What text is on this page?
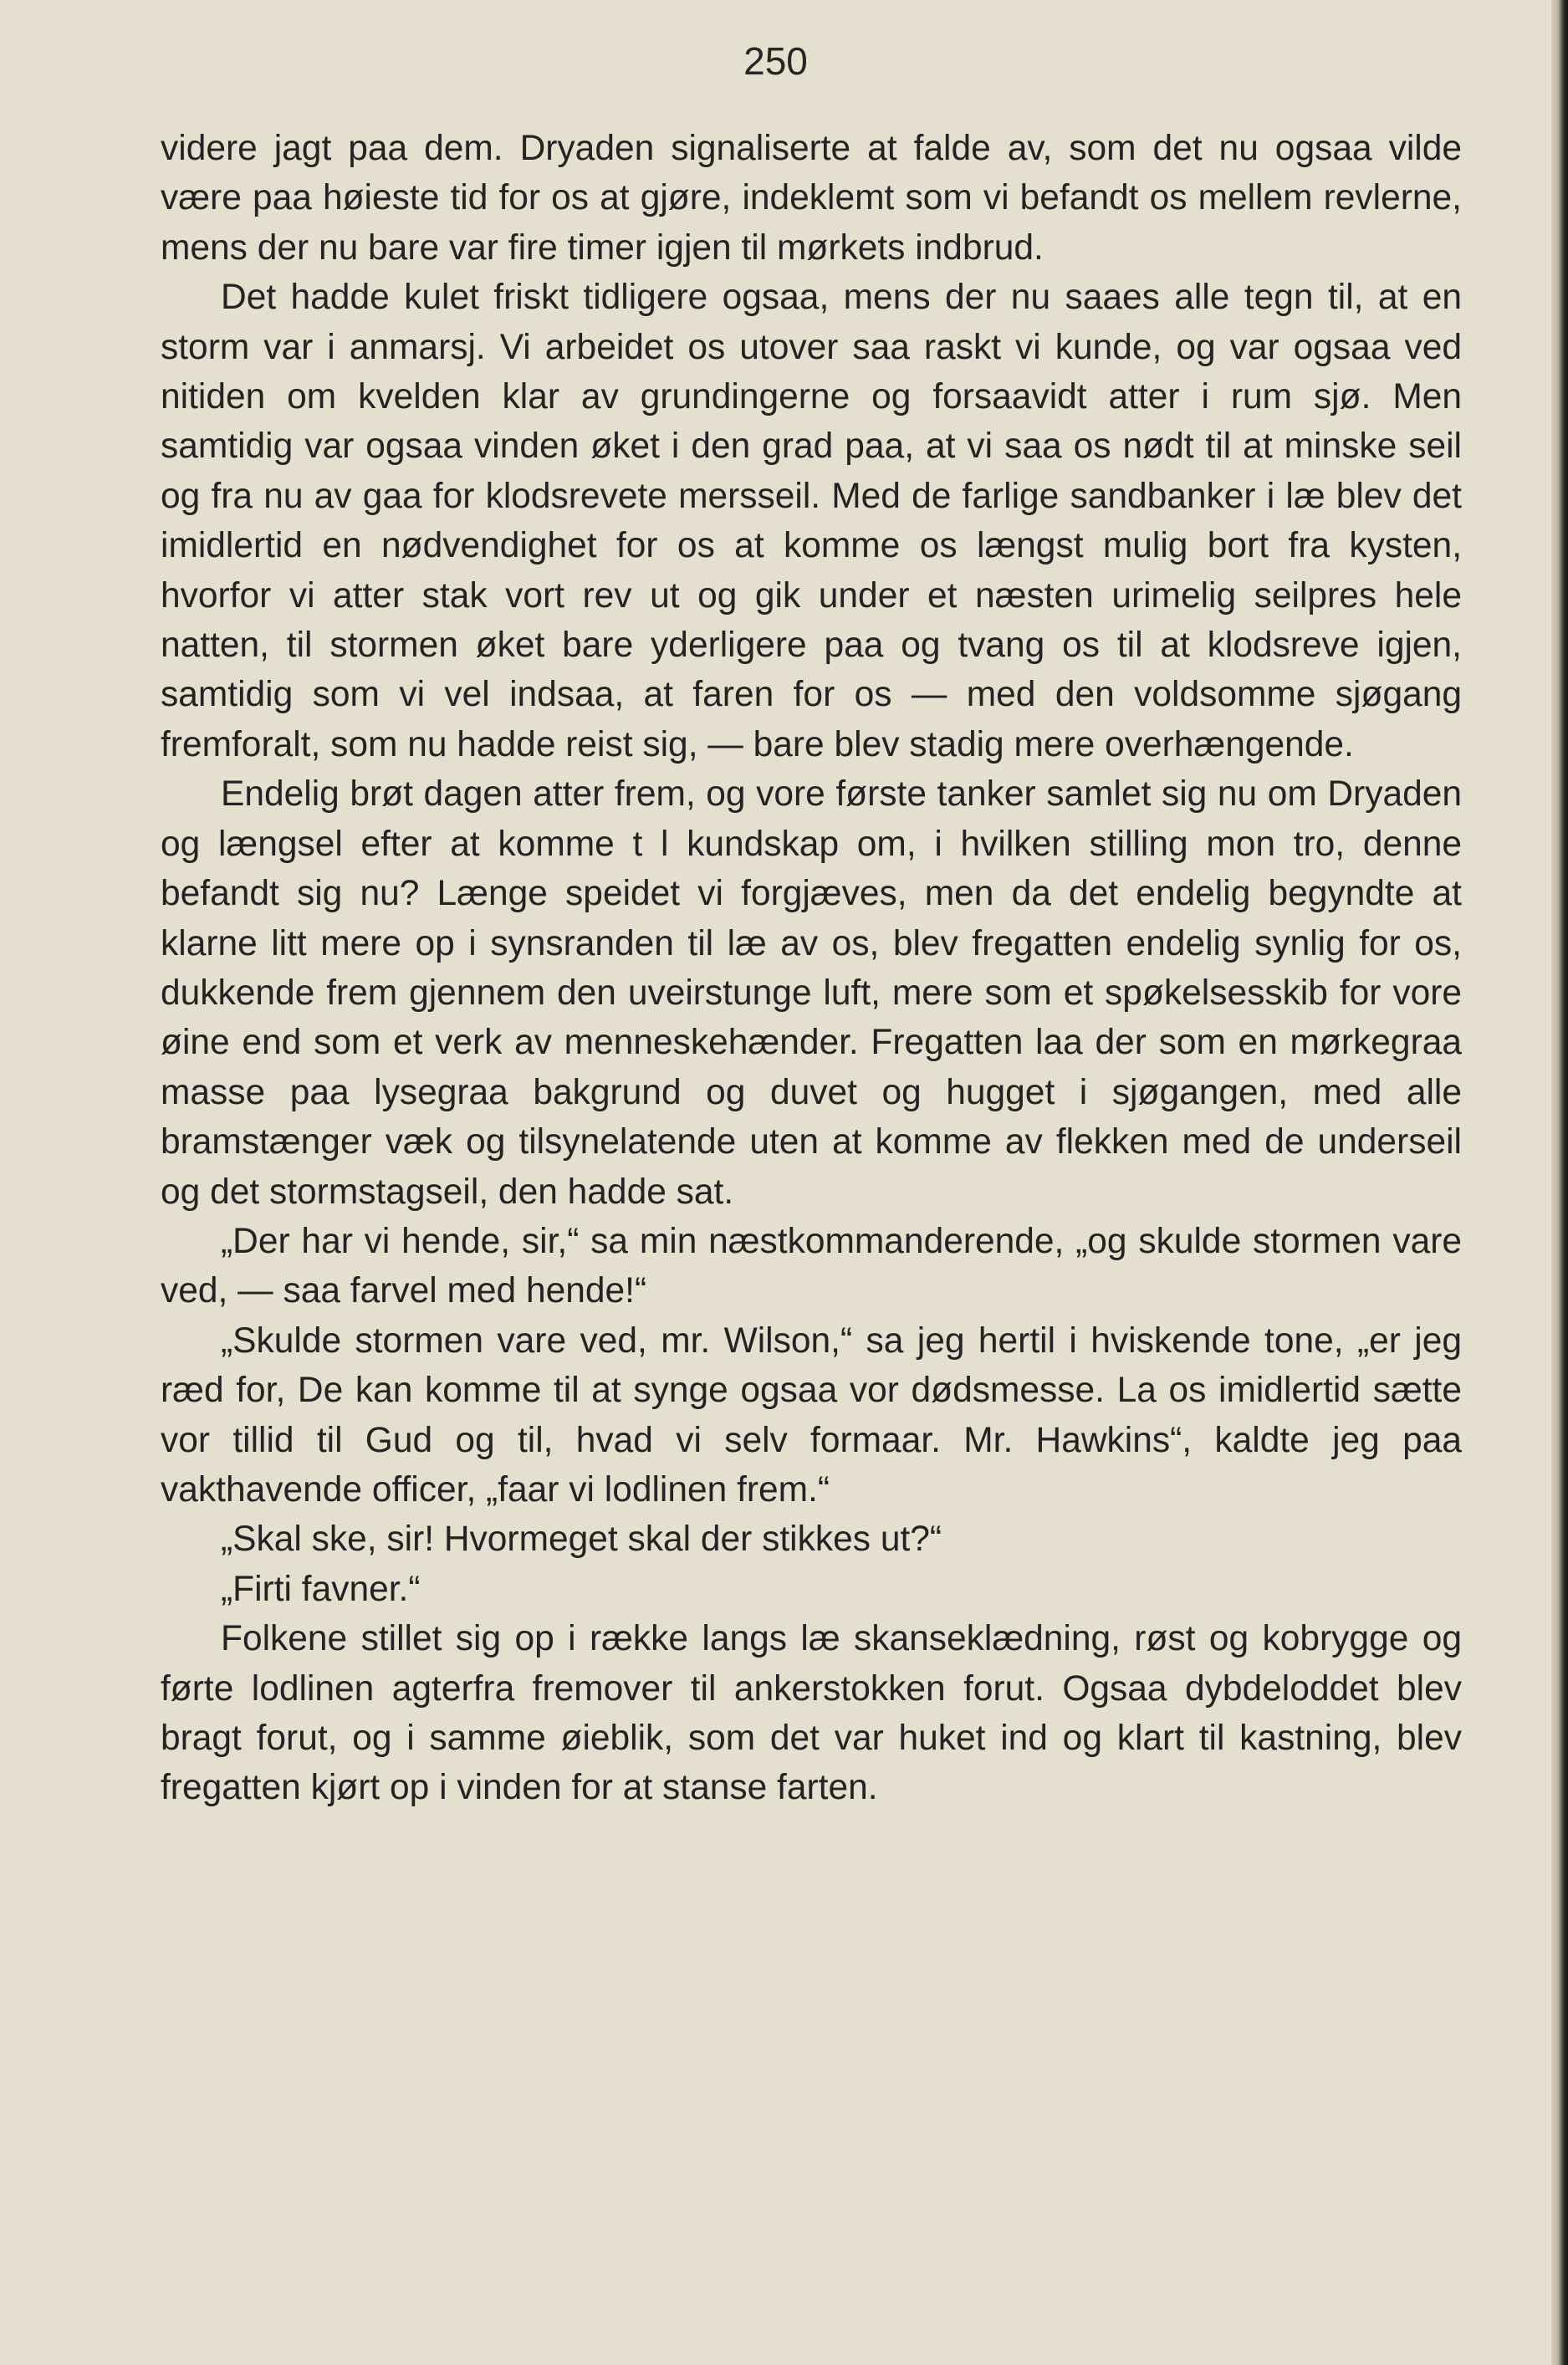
250

videre jagt paa dem. Dryaden signaliserte at falde av, som det nu ogsaa vilde være paa høieste tid for os at gjøre, indeklemt som vi befandt os mellem revlerne, mens der nu bare var fire timer igjen til mørkets indbrud.

Det hadde kulet friskt tidligere ogsaa, mens der nu saaes alle tegn til, at en storm var i anmarsj. Vi arbeidet os utover saa raskt vi kunde, og var ogsaa ved nitiden om kvelden klar av grundingerne og forsaavidt atter i rum sjø. Men samtidig var ogsaa vinden øket i den grad paa, at vi saa os nødt til at minske seil og fra nu av gaa for klodsrevete mersseil. Med de farlige sandbanker i læ blev det imidlertid en nødvendighet for os at komme os længst mulig bort fra kysten, hvorfor vi atter stak vort rev ut og gik under et næsten urimelig seilpres hele natten, til stormen øket bare yderligere paa og tvang os til at klodsreve igjen, samtidig som vi vel indsaa, at faren for os — med den voldsomme sjøgang fremforalt, som nu hadde reist sig, — bare blev stadig mere overhængende.

Endelig brøt dagen atter frem, og vore første tanker samlet sig nu om Dryaden og længsel efter at komme t l kundskap om, i hvilken stilling mon tro, denne befandt sig nu? Længe speidet vi forgjæves, men da det endelig begyndte at klarne litt mere op i synsranden til læ av os, blev fregatten endelig synlig for os, dukkende frem gjennem den uveirstunge luft, mere som et spøkelsesskib for vore øine end som et verk av menneskehænder. Fregatten laa der som en mørkegraa masse paa lysegraa bakgrund og duvet og hugget i sjøgangen, med alle bramstænger væk og tilsynelatende uten at komme av flekken med de underseil og det stormstagseil, den hadde sat.

„Der har vi hende, sir,“ sa min næstkommanderende, „og skulde stormen vare ved, — saa farvel med hende!“

„Skulde stormen vare ved, mr. Wilson,“ sa jeg hertil i hviskende tone, „er jeg ræd for, De kan komme til at synge ogsaa vor dødsmesse. La os imidlertid sætte vor tillid til Gud og til, hvad vi selv formaar. Mr. Hawkins“, kaldte jeg paa vakthavende officer, „faar vi lodlinen frem.“

„Skal ske, sir! Hvormeget skal der stikkes ut?“

„Firti favner.“

Folkene stillet sig op i række langs læ skanseklædning, røst og kobrygge og førte lodlinen agterfra fremover til ankerstokken forut. Ogsaa dybdeloddet blev bragt forut, og i samme øieblik, som det var huket ind og klart til kastning, blev fregatten kjørt op i vinden for at stanse farten.
